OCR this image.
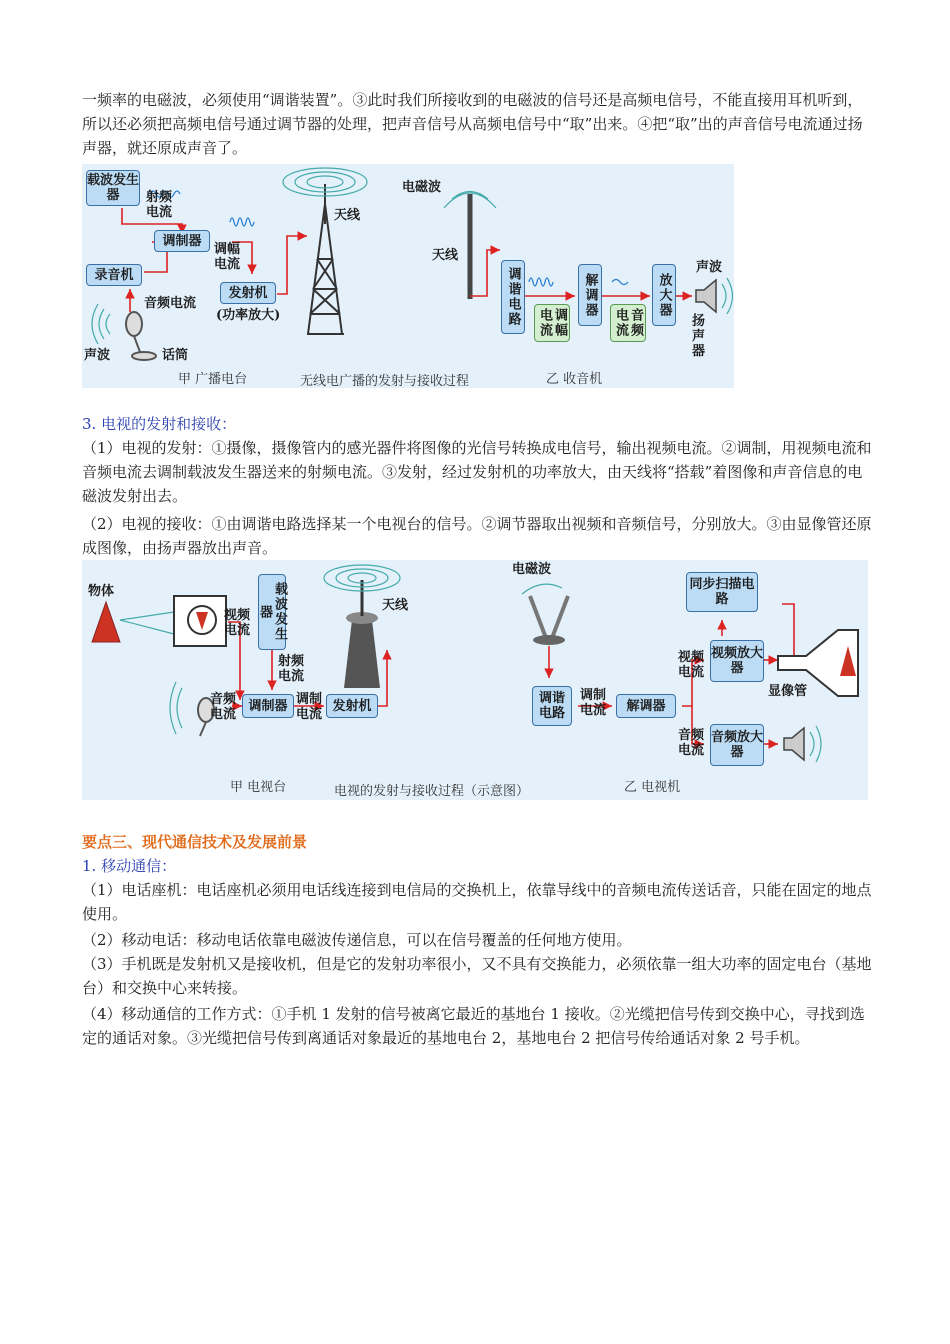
一频率的电磁波，必须使用“调谐装置”。③此时我们所接收到的电磁波的信号还是高频电信号，不能直接用耳机听到，所以还必须把高频电信号通过调节器的处理，把声音信号从高频电信号中“取”出来。④把“取”出的声音信号电流通过扬声器，就还原成声音了。

载波发生器	射频电流
调制器
调幅电流
录音机
音频电流
发射机
(功率放大)
天线
声波	话筒
电磁波
天线
调谐电路	调幅电流
解调器
音频电流
放大器
声波
扬声器
甲 广播电台	无线电广播的发射与接收过程	乙 收音机

3. 电视的发射和接收：

（1）电视的发射：①摄像，摄像管内的感光器件将图像的光信号转换成电信号，输出视频电流。②调制，用视频电流和音频电流去调制载波发生器送来的射频电流。③发射，经过发射机的功率放大，由天线将“搭载”着图像和声音信息的电磁波发射出去。

（2）电视的接收：①由调谐电路选择某一个电视台的信号。②调节器取出视频和音频信号，分别放大。③由显像管还原成图像，由扬声器放出声音。

物体
视频电流	载波发生器
射频电流
音频电流
调制器 调制电流
发射机
天线
电磁波
调谐电路
调制电流	解调器
同步扫描电路
视频电流
视频放大器
显像管
音频电流
音频放大器
甲 电视台	电视的发射与接收过程（示意图）	乙 电视机

要点三、现代通信技术及发展前景

1. 移动通信：

（1）电话座机：电话座机必须用电话线连接到电信局的交换机上，依靠导线中的音频电流传送话音，只能在固定的地点使用。

（2）移动电话：移动电话依靠电磁波传递信息，可以在信号覆盖的任何地方使用。

（3）手机既是发射机又是接收机，但是它的发射功率很小，又不具有交换能力，必须依靠一组大功率的固定电台（基地台）和交换中心来转接。

（4）移动通信的工作方式：①手机 1 发射的信号被离它最近的基地台 1 接收。②光缆把信号传到交换中心，寻找到选定的通话对象。③光缆把信号传到离通话对象最近的基地电台 2，基地电台 2 把信号传给通话对象 2 号手机。
